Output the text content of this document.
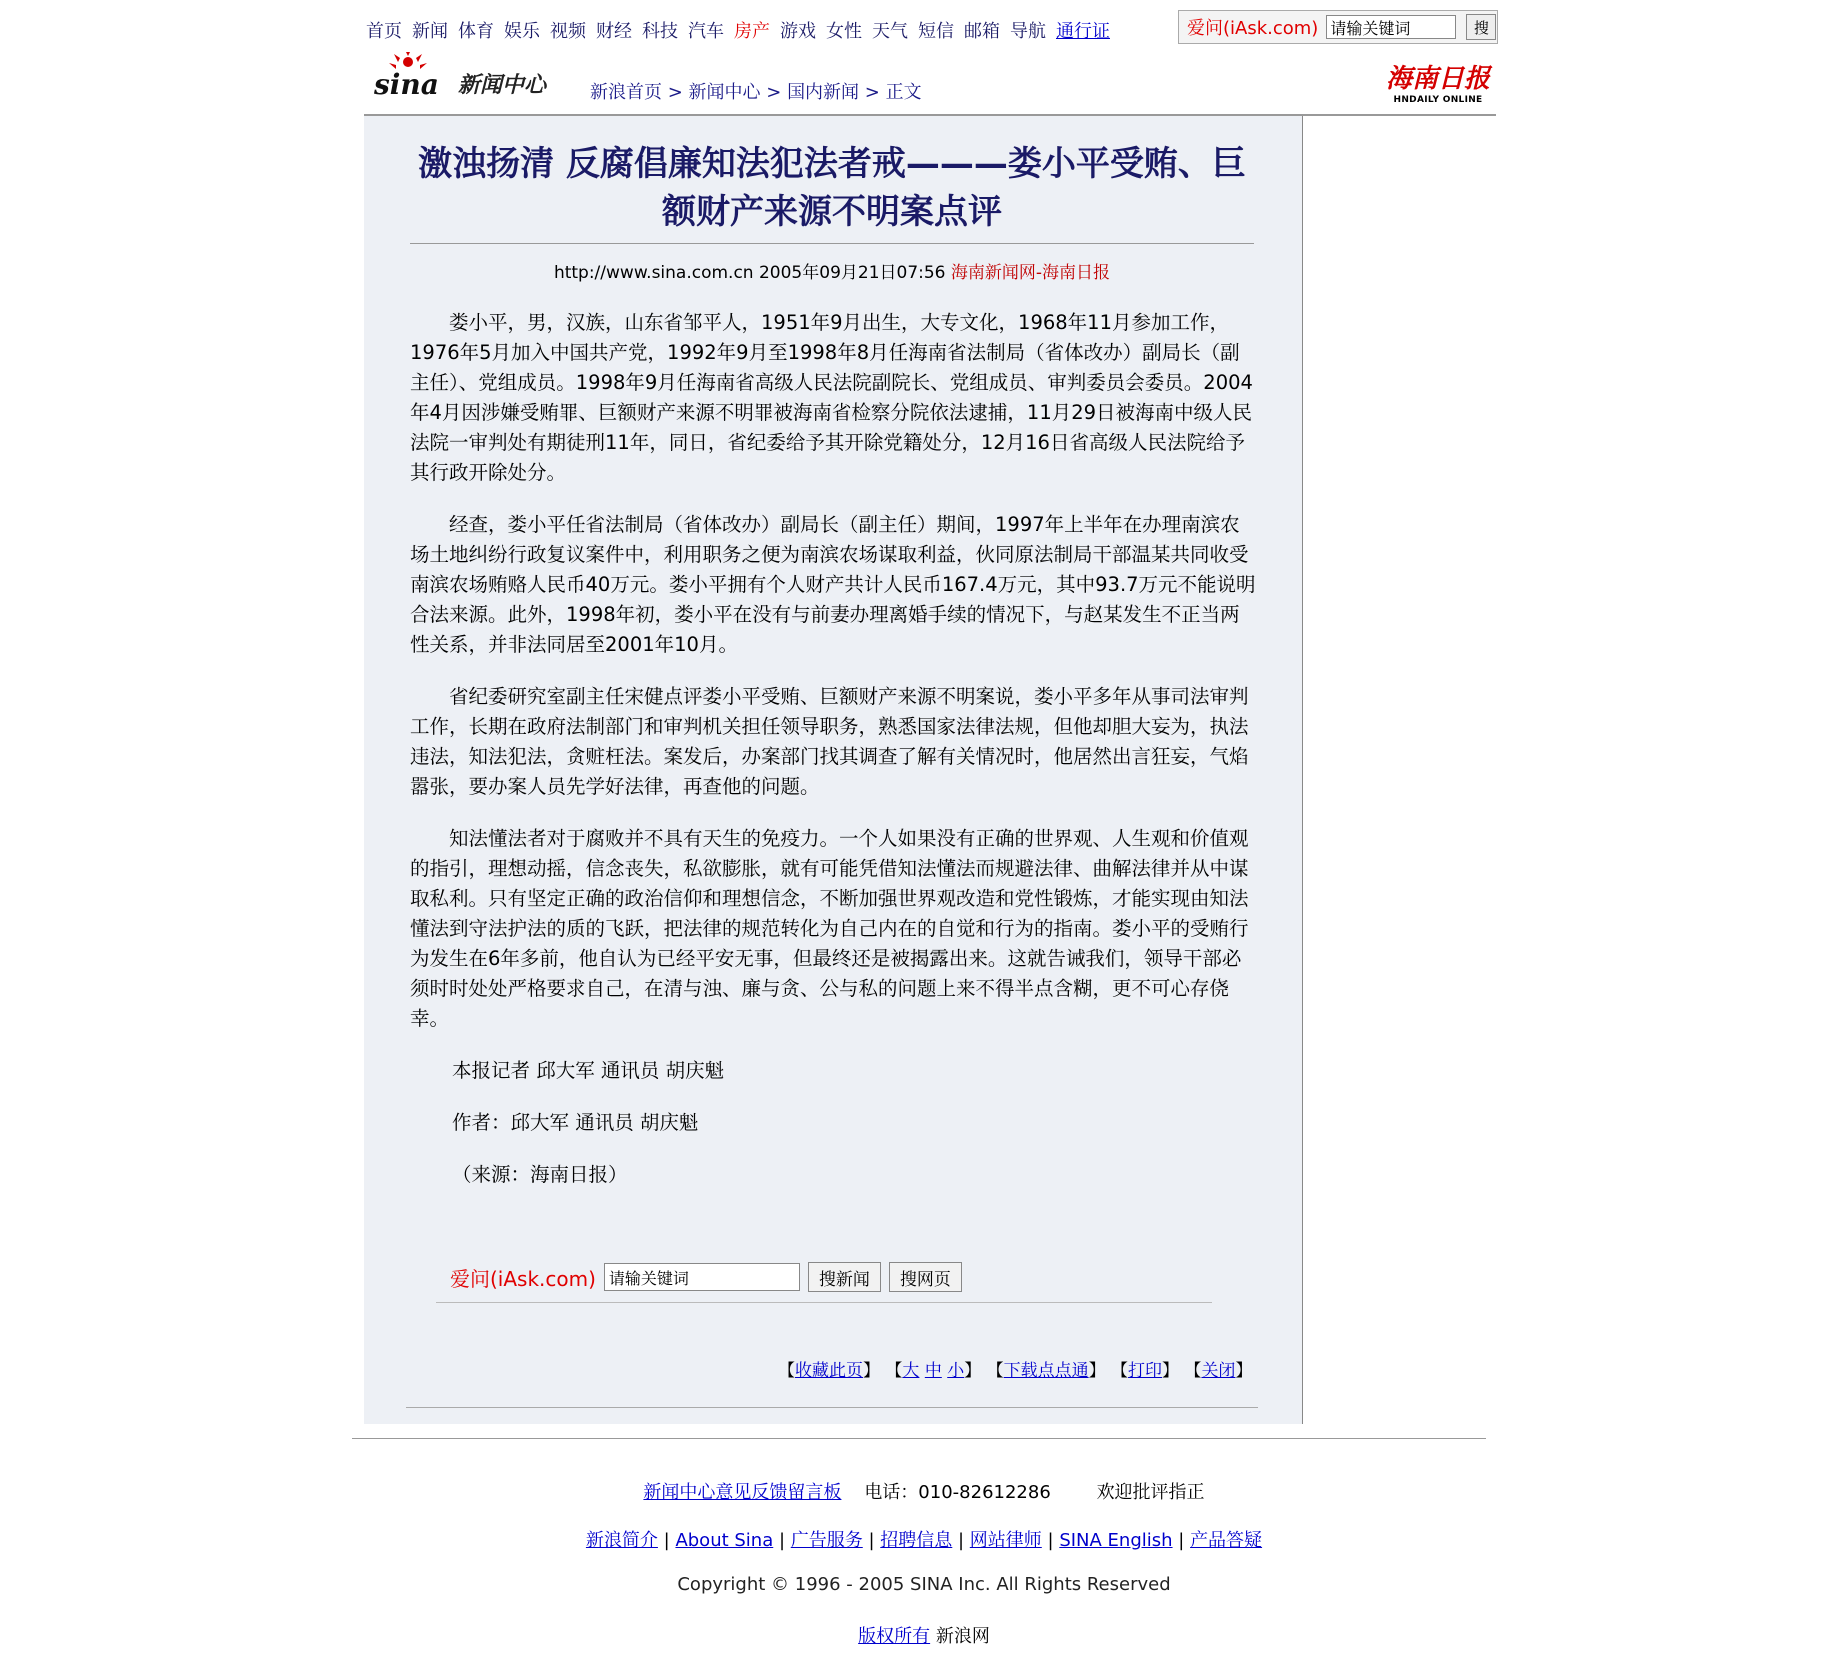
首页 新闻 体育 娱乐 视频 财经 科技 汽车 房产 游戏 女性 天气 短信 邮箱 导航 通行证	爱问(iAsk.com)
请输关键词	搜
sina 新闻中心 新浪首页 > 新闻中心 > 国内新闻 > 正文	海南日报
HNDAILY ONLINE
激浊扬清 反腐倡廉知法犯法者戒———娄小平受贿、巨额财产来源不明案点评
http://www.sina.com.cn 2005年09月21日07:56 海南新闻网-海南日报

娄小平，男，汉族，山东省邹平人，1951年9月出生，大专文化，1968年11月参加工作，1976年5月加入中国共产党，1992年9月至1998年8月任海南省法制局（省体改办）副局长（副主任）、党组成员。1998年9月任海南省高级人民法院副院长、党组成员、审判委员会委员。2004年4月因涉嫌受贿罪、巨额财产来源不明罪被海南省检察分院依法逮捕，11月29日被海南中级人民法院一审判处有期徒刑11年，同日，省纪委给予其开除党籍处分，12月16日省高级人民法院给予其行政开除处分。

经查，娄小平任省法制局（省体改办）副局长（副主任）期间，1997年上半年在办理南滨农场土地纠纷行政复议案件中，利用职务之便为南滨农场谋取利益，伙同原法制局干部温某共同收受南滨农场贿赂人民币40万元。娄小平拥有个人财产共计人民币167.4万元，其中93.7万元不能说明合法来源。此外，1998年初，娄小平在没有与前妻办理离婚手续的情况下，与赵某发生不正当两性关系，并非法同居至2001年10月。

省纪委研究室副主任宋健点评娄小平受贿、巨额财产来源不明案说，娄小平多年从事司法审判工作，长期在政府法制部门和审判机关担任领导职务，熟悉国家法律法规，但他却胆大妄为，执法违法，知法犯法，贪赃枉法。案发后，办案部门找其调查了解有关情况时，他居然出言狂妄，气焰嚣张，要办案人员先学好法律，再查他的问题。

知法懂法者对于腐败并不具有天生的免疫力。一个人如果没有正确的世界观、人生观和价值观的指引，理想动摇，信念丧失，私欲膨胀，就有可能凭借知法懂法而规避法律、曲解法律并从中谋取私利。只有坚定正确的政治信仰和理想信念，不断加强世界观改造和党性锻炼，才能实现由知法懂法到守法护法的质的飞跃，把法律的规范转化为自己内在的自觉和行为的指南。娄小平的受贿行为发生在6年多前，他自认为已经平安无事，但最终还是被揭露出来。这就告诫我们，领导干部必须时时处处严格要求自己，在清与浊、廉与贪、公与私的问题上来不得半点含糊，更不可心存侥幸。

本报记者 邱大军 通讯员 胡庆魁

作者：邱大军 通讯员 胡庆魁

（来源：海南日报）

爱问(iAsk.com)
请输关键词	搜新闻	搜网页
【收藏此页】 【大 中 小】 【下载点点通】 【打印】 【关闭】
新闻中心意见反馈留言板 电话：010-82612286	欢迎批评指正
新浪简介 | About Sina | 广告服务 | 招聘信息 | 网站律师 | SINA English | 产品答疑
Copyright © 1996 - 2005 SINA Inc. All Rights Reserved
版权所有 新浪网
